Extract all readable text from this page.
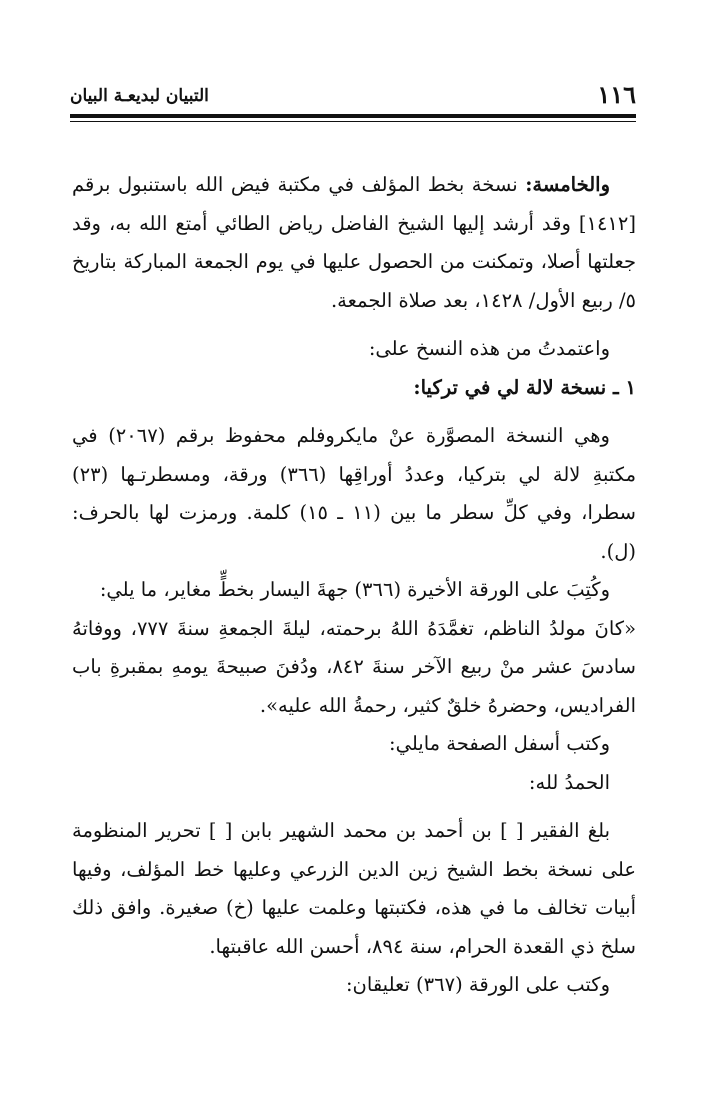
١١٦
التبيان لبديعـة البيان

والخامسة: نسخة بخط المؤلف في مكتبة فيض الله باستنبول برقم [١٤١٢] وقد أرشد إليها الشيخ الفاضل رياض الطائي أمتع الله به، وقد جعلتها أصلا، وتمكنت من الحصول عليها في يوم الجمعة المباركة بتاريخ ٥/ ربيع الأول/ ١٤٢٨، بعد صلاة الجمعة.

واعتمدتُ من هذه النسخ على:

١ ـ نسخة لالة لي في تركيا:

وهي النسخة المصوَّرة عنْ مايكروفلم محفوظ برقم (٢٠٦٧) في مكتبةِ لالة لي بتركيا، وعددُ أوراقِها (٣٦٦) ورقة، ومسطرتـها (٢٣) سطرا، وفي كلِّ سطر ما بين (١١ ـ ١٥) كلمة. ورمزت لها بالحرف: (ل).

وكُتِبَ على الورقة الأخيرة (٣٦٦) جهةَ اليسار بخطٍّ مغاير، ما يلي:

«كانَ مولدُ الناظم، تغمَّدَهُ اللهُ برحمته، ليلةَ الجمعةِ سنةَ ٧٧٧، ووفاتهُ سادسَ عشر منْ ربيع الآخر سنةَ ٨٤٢، ودُفنَ صبيحةَ يومهِ بمقبرةِ باب الفراديس، وحضرهُ خلقٌ كثير، رحمةُ الله عليه».

وكتب أسفل الصفحة مايلي:

الحمدُ لله:

بلغ الفقير [ ] بن أحمد بن محمد الشهير بابن [ ] تحرير المنظومة على نسخة بخط الشيخ زين الدين الزرعي وعليها خط المؤلف، وفيها أبيات تخالف ما في هذه، فكتبتها وعلمت عليها (خ) صغيرة. وافق ذلك سلخ ذي القعدة الحرام، سنة ٨٩٤، أحسن الله عاقبتها.

وكتب على الورقة (٣٦٧) تعليقان:
